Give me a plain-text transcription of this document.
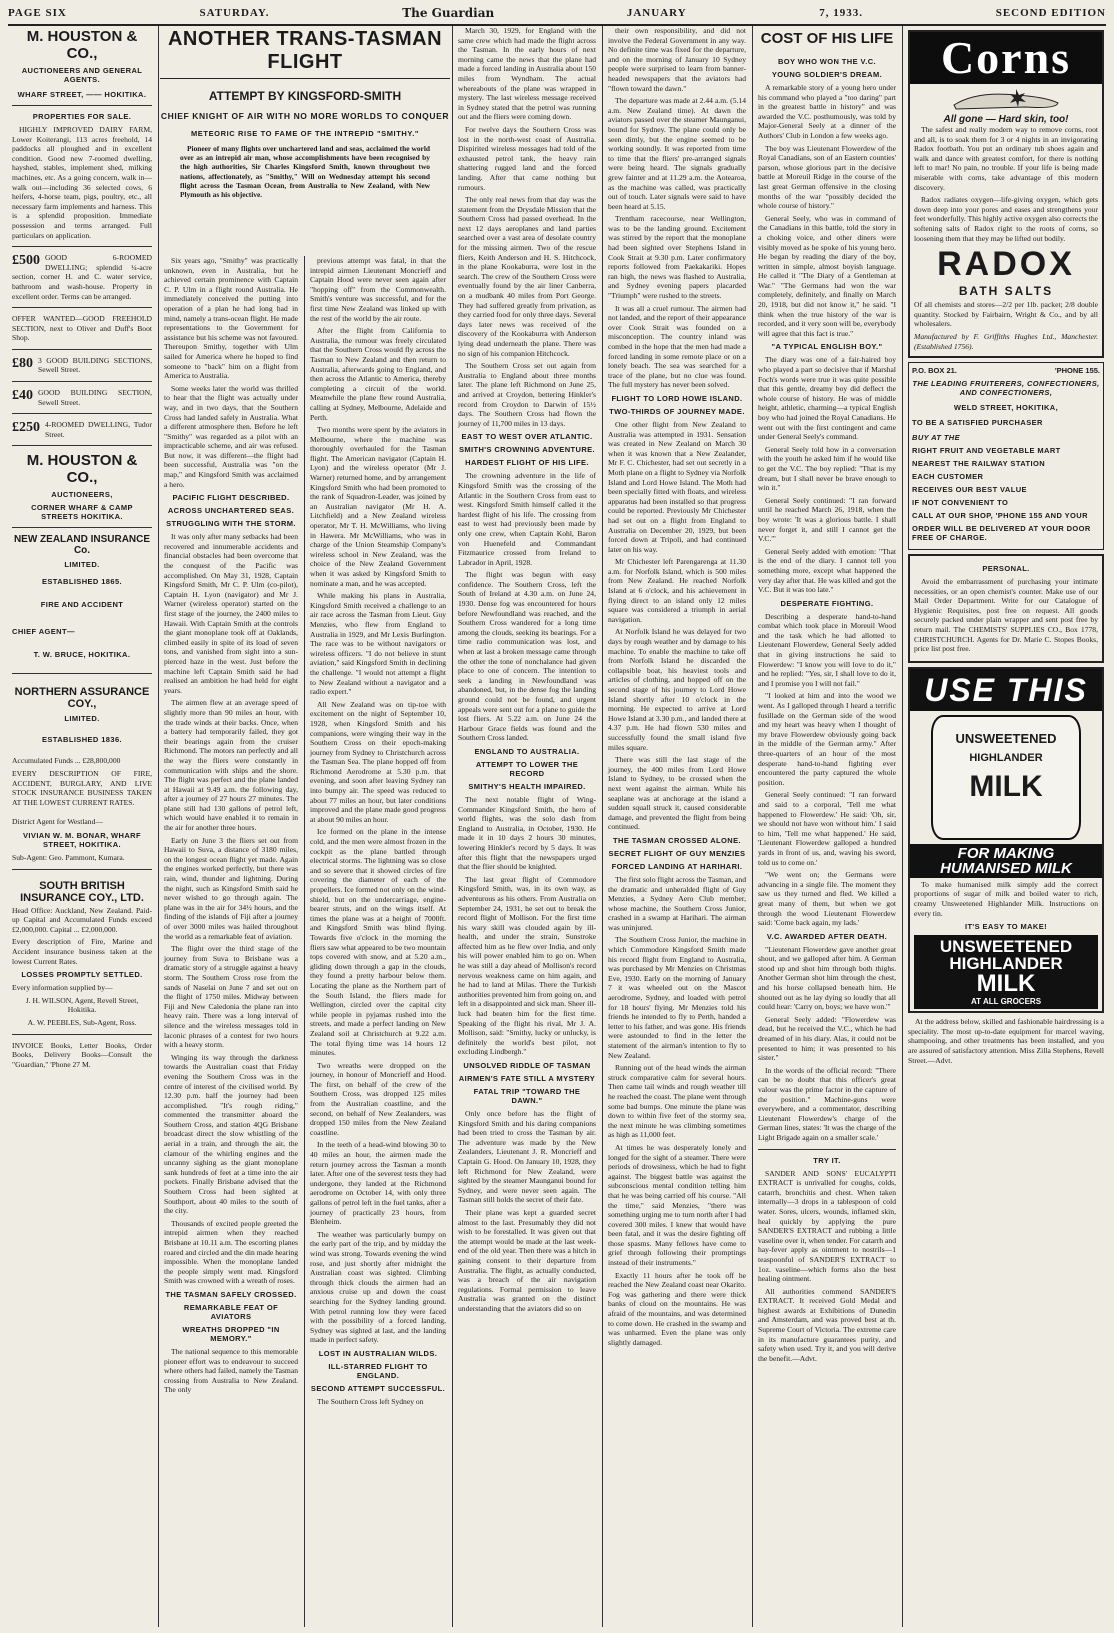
PAGE SIX	SATURDAY.	The Guardian	JANUARY	7, 1933.	SECOND EDITION
M. HOUSTON & CO.,
AUCTIONEERS AND GENERAL AGENTS.
WHARF STREET, —— HOKITIKA.
PROPERTIES FOR SALE.

HIGHLY IMPROVED DAIRY FARM, Lower Koiterangi, 113 acres freehold, 14 paddocks all ploughed and in excellent condition. Good new 7-roomed dwelling, hayshed, stables, implement shed, milking machines, etc. As a going concern, walk in—walk out—including 36 selected cows, 6 heifers, 4-horse team, pigs, poultry, etc., all necessary farm implements and harness. This is a splendid proposition. Immediate possession and terms arranged. Full particulars on application.

£500 GOOD 6-ROOMED DWELLING; splendid ¼-acre section, corner H. and C. water service, bathroom and wash-house. Property in excellent order. Terms can be arranged.

OFFER WANTED—GOOD FREEHOLD SECTION, next to Oliver and Duff's Boot Shop.

£80 3 GOOD BUILDING SECTIONS, Sewell Street.

£40 GOOD BUILDING SECTION, Sewell Street.

£250 4-ROOMED DWELLING, Tudor Street.

M. HOUSTON & CO.,
AUCTIONEERS,
CORNER WHARF & CAMP STREETS HOKITIKA.
NEW ZEALAND INSURANCE Co.
LIMITED.
ESTABLISHED 1865.
FIRE AND ACCIDENT
CHIEF AGENT—
T. W. BRUCE, HOKITIKA.
NORTHERN ASSURANCE COY.,
LIMITED.
ESTABLISHED 1836.

Accumulated Funds ... £28,800,000

EVERY DESCRIPTION OF FIRE, ACCIDENT, BURGLARY, AND LIVE STOCK INSURANCE BUSINESS TAKEN AT THE LOWEST CURRENT RATES.

District Agent for Westland—

VIVIAN W. M. BONAR, WHARF STREET, HOKITIKA.

Sub-Agent: Geo. Pammont, Kumara.

SOUTH BRITISH INSURANCE COY., LTD.

Head Office: Auckland, New Zealand. Paid-up Capital and Accumulated Funds exceed £2,000,000. Capital ... £2,000,000.

Every description of Fire, Marine and Accident insurance business taken at the lowest Current Rates.

LOSSES PROMPTLY SETTLED.

Every information supplied by—

J. H. WILSON, Agent, Revell Street, Hokitika.

A. W. PEEBLES, Sub-Agent, Ross.

INVOICE Books, Letter Books, Order Books, Delivery Books—Consult the "Guardian," 'Phone 27 M.

ANOTHER TRANS-TASMAN FLIGHT
ATTEMPT BY KINGSFORD-SMITH
CHIEF KNIGHT OF AIR WITH NO MORE WORLDS TO CONQUER
METEORIC RISE TO FAME OF THE INTREPID "SMITHY."

Pioneer of many flights over unchartered land and seas, acclaimed the world over as an intrepid air man, whose accomplishments have been recognised by the high authorities, Sir Charles Kingsford Smith, known throughout two nations, affectionately, as "Smithy," Will on Wednesday attempt his second flight across the Tasman Ocean, from Australia to New Zealand, with New Plymouth as his objective.

Six years ago, "Smithy" was practically unknown, even in Australia, but he achieved certain prominence with Captain C. P. Ulm in a flight round Australia. He immediately conceived the putting into operation of a plan he had long had in mind, namely a trans-ocean flight. He made representations to the Government for assistance but his scheme was not favoured. Thereupon Smithy, together with Ulm sailed for America where he hoped to find someone to "back" him on a flight from America to Australia.

Some weeks later the world was thrilled to hear that the flight was actually under way, and in two days, that the Southern Cross had landed safely in Australia. What a different atmosphere then. Before he left "Smithy" was regarded as a pilot with an impracticable scheme, and air was refused. But now, it was different—the flight had been successful, Australia was "on the map," and Kingsford Smith was acclaimed a hero.

PACIFIC FLIGHT DESCRIBED.
ACROSS UNCHARTERED SEAS.
STRUGGLING WITH THE STORM.

It was only after many setbacks had been recovered and innumerable accidents and financial obstacles had been overcome that the conquest of the Pacific was accomplished. On May 31, 1928, Captain Kingsford Smith, Mr C. P. Ulm (co-pilot), Captain H. Lyon (navigator) and Mr J. Warner (wireless operator) started on the first stage of the journey, the 2400 miles to Hawaii. With Captain Smith at the controls the giant monoplane took off at Oaklands, climbed easily in spite of its load of seven tons, and vanished from sight into a sun-pierced haze in the west. Just before the machine left Captain Smith said he had realised an ambition he had held for eight years.

The airmen flew at an average speed of slightly more than 90 miles an hour, with the trade winds at their backs. Once, when a battery had temporarily failed, they got their bearings again from the cruiser Richmond. The motors ran perfectly and all the way the fliers were constantly in communication with ships and the shore. The flight was perfect and the plane landed at Hawaii at 9.49 a.m. the following day, after a journey of 27 hours 27 minutes. The plane still had 130 gallons of petrol left, which would have enabled it to remain in the air for another three hours.

Early on June 3 the fliers set out from Hawaii to Suva, a distance of 3180 miles, on the longest ocean flight yet made. Again the engines worked perfectly, but there was rain, wind, thunder and lightning. During the night, such as Kingsford Smith said he never wished to go through again. The plane was in the air for 34½ hours, and the finding of the islands of Fiji after a journey of over 3000 miles was hailed throughout the world as a remarkable feat of aviation.

The flight over the third stage of the journey from Suva to Brisbane was a dramatic story of a struggle against a heavy storm. The Southern Cross rose from the sands of Naselai on June 7 and set out on the flight of 1750 miles. Midway between Fiji and New Caledonia the plane ran into heavy rain. There was a long interval of silence and the wireless messages told in laconic phrases of a contest for two hours with a heavy storm.

Winging its way through the darkness towards the Australian coast that Friday evening the Southern Cross was in the centre of interest of the civilised world. By 12.30 p.m. half the journey had been accomplished. "It's rough riding," commented the transmitter aboard the Southern Cross, and station 4QG Brisbane broadcast direct the slow whistling of the aerial in a train, and through the air, the clamour of the whirling engines and the uncanny sighing as the giant monoplane sank hundreds of feet at a time into the air pockets. Finally Brisbane advised that the Southern Cross had been sighted at Southport, about 40 miles to the south of the city.

Thousands of excited people greeted the intrepid airmen when they reached Brisbane at 10.11 a.m. The escorting planes roared and circled and the din made hearing impossible. When the monoplane landed the people simply went mad. Kingsford Smith was crowned with a wreath of roses.

THE TASMAN SAFELY CROSSED.
REMARKABLE FEAT OF AVIATORS
WREATHS DROPPED "IN MEMORY."

The national sequence to this memorable pioneer effort was to endeavour to succeed where others had failed, namely the Tasman crossing from Australia to New Zealand. The only

previous attempt was fatal, in that the intrepid airmen Lieutenant Moncrieff and Captain Hood were never seen again after "hopping off" from the Commonwealth. Smith's venture was successful, and for the first time New Zealand was linked up with the rest of the world by the air route.

After the flight from California to Australia, the rumour was freely circulated that the Southern Cross would fly across the Tasman to New Zealand and then return to Australia, afterwards going to England, and then across the Atlantic to America, thereby completing a circuit of the world. Meanwhile the plane flew round Australia, calling at Sydney, Melbourne, Adelaide and Perth.

Two months were spent by the aviators in Melbourne, where the machine was thoroughly overhauled for the Tasman flight. The American navigator (Captain H. Lyon) and the wireless operator (Mr J. Warner) returned home, and by arrangement Kingsford Smith who had been promoted to the rank of Squadron-Leader, was joined by an Australian navigator (Mr H. A. Litchfield) and a New Zealand wireless operator, Mr T. H. McWilliams, who living in Hawera. Mr McWilliams, who was in charge of the Union Steamship Company's wireless school in New Zealand, was the choice of the New Zealand Government when it was asked by Kingsford Smith to nominate a man, and he was accepted.

While making his plans in Australia, Kingsford Smith received a challenge to an air race across the Tasman from Lieut. Guy Menzies, who flew from England to Australia in 1929, and Mr Lexis Burlington. The race was to be without navigators or wireless officers. "I do not believe in stunt aviation," said Kingsford Smith in declining the challenge. "I would not attempt a flight to New Zealand without a navigator and a radio expert."

All New Zealand was on tip-toe with excitement on the night of September 10, 1928, when Kingsford Smith and his companions, were winging their way in the Southern Cross on their epoch-making journey from Sydney to Christchurch across the Tasman Sea. The plane hopped off from Richmond Aerodrome at 5.30 p.m. that evening, and soon after leaving Sydney ran into bumpy air. The speed was reduced to about 77 miles an hour, but later conditions improved and the plane made good progress at about 90 miles an hour.

Ice formed on the plane in the intense cold, and the men were almost frozen in the cockpit as the plane battled through electrical storms. The lightning was so close and so severe that it showed circles of fire covering the diameter of each of the propellers. Ice formed not only on the wind-shield, but on the undercarriage, engine-bearer struts, and on the wings itself. At times the plane was at a height of 7000ft. and Kingsford Smith was blind flying. Towards five o'clock in the morning the fliers saw what appeared to be two mountain tops covered with snow, and at 5.20 a.m., gliding down through a gap in the clouds, they found a pretty harbour below them. Locating the plane as the Northern part of the South Island, the fliers made for Wellington, circled over the capital city while people in pyjamas rushed into the streets, and made a perfect landing on New Zealand soil at Christchurch at 9.22 a.m. The total flying time was 14 hours 12 minutes.

Two wreaths were dropped on the journey, in honour of Moncrieff and Hood. The first, on behalf of the crew of the Southern Cross, was dropped 125 miles from the Australian coastline, and the second, on behalf of New Zealanders, was dropped 150 miles from the New Zealand coastline.

In the teeth of a head-wind blowing 30 to 40 miles an hour, the airmen made the return journey across the Tasman a month later. After one of the severest tests they had undergone, they landed at the Richmond aerodrome on October 14, with only three gallons of petrol left in the fuel tanks, after a journey of practically 23 hours, from Blenheim.

The weather was particularly bumpy on the early part of the trip, and by midday the wind was strong. Towards evening the wind rose, and just shortly after midnight the Australian coast was sighted. Climbing through thick clouds the airmen had an anxious cruise up and down the coast searching for the Sydney landing ground. With petrol running low they were faced with the possibility of a forced landing, Sydney was sighted at last, and the landing made in perfect safety.

LOST IN AUSTRALIAN WILDS.
ILL-STARRED FLIGHT TO ENGLAND.
SECOND ATTEMPT SUCCESSFUL.

The Southern Cross left Sydney on

March 30, 1929, for England with the same crew which had made the flight across the Tasman. In the early hours of next morning came the news that the plane had made a forced landing in Australia about 150 miles from Wyndham. The actual whereabouts of the plane was wrapped in mystery. The last wireless message received in Sydney stated that the petrol was running out and the fliers were coming down.

For twelve days the Southern Cross was lost in the north-west coast of Australia. Dispirited wireless messages had told of the exhausted petrol tank, the heavy rain shattering rugged land and the forced landing. After that came nothing but rumours.

The only real news from that day was the statement from the Drysdale Mission that the Southern Cross had passed overhead. In the next 12 days aeroplanes and land parties searched over a vast area of desolate country for the missing airmen. Two of the rescue fliers, Keith Anderson and H. S. Hitchcock, in the plane Kookaburra, were lost in the search. The crew of the Southern Cross were eventually found by the air liner Canberra, on a mudbank 40 miles from Port George. They had suffered greatly from privation, as they carried food for only three days. Several days later news was received of the discovery of the Kookaburra with Anderson lying dead underneath the plane. There was no sign of his companion Hitchcock.

The Southern Cross set out again from Australia to England about three months later. The plane left Richmond on June 25, and arrived at Croydon, bettering Hinkler's record from Croydon to Darwin of 15½ days. The Southern Cross had flown the journey of 11,700 miles in 13 days.

EAST TO WEST OVER ATLANTIC.
SMITH'S CROWNING ADVENTURE.
HARDEST FLIGHT OF HIS LIFE.

The crowning adventure in the life of Kingsford Smith was the crossing of the Atlantic in the Southern Cross from east to west. Kingsford Smith himself called it the hardest flight of his life. The crossing from east to west had previously been made by only one crew, when Captain Kohl, Baron von Huenefeld and Commandant Fitzmaurice crossed from Ireland to Labrador in April, 1928.

The flight was begun with easy confidence. The Southern Cross, left the South of Ireland at 4.30 a.m. on June 24, 1930. Dense fog was encountered for hours before Newfoundland was reached, and the Southern Cross wandered for a long time among the clouds, seeking its bearings. For a time radio communication was lost, and when at last a broken message came through the other the tone of nonchalance had given place to one of concern. The intention to seek a landing in Newfoundland was abandoned, but, in the dense fog the landing ground could not be found, and urgent appeals were sent out for a plane to guide the lost fliers. At 5.22 a.m. on June 24 the Harbour Grace fields was found and the Southern Cross landed.

ENGLAND TO AUSTRALIA.
ATTEMPT TO LOWER THE RECORD
SMITHY'S HEALTH IMPAIRED.

The next notable flight of Wing-Commander Kingsford Smith, the hero of world flights, was the solo dash from England to Australia, in October, 1930. He made it in 10 days 2 hours 30 minutes, lowering Hinkler's record by 5 days. It was after this flight that the newspapers urged that the flier should be knighted.

The last great flight of Commodore Kingsford Smith, was, in its own way, as adventurous as his others. From Australia on September 24, 1931, he set out to break the record flight of Mollison. For the first time his wary skill was clouded again by ill-health, and under the strain, Sunstroke affected him as he flew over India, and only his will power enabled him to go on. When he was still a day ahead of Mollison's record nervous weakness came on him again, and he had to land at Milas. There the Turkish authorities prevented him from going on, and left in a disappointed and sick man. Sheer ill-luck had beaten him for the first time. Speaking of the flight his rival, Mr J. A. Mollison, said: "Smithy, lucky or unlucky, is definitely the world's best pilot, not excluding Lindbergh."

UNSOLVED RIDDLE OF TASMAN
AIRMEN'S FATE STILL A MYSTERY
FATAL TRIP "TOWARD THE DAWN."

Only once before has the flight of Kingsford Smith and his daring companions had been tried to cross the Tasman by air. The adventure was made by the New Zealanders, Lieutenant J. R. Moncrieff and Captain G. Hood. On January 10, 1928, they left Richmond for New Zealand, were sighted by the steamer Maunganui bound for Sydney, and were never seen again. The Tasman still holds the secret of their fate.

Their plane was kept a guarded secret almost to the last. Presumably they did not wish to be forestalled. It was given out that the attempt would be made at the last week-end of the old year. Then there was a hitch in gaining consent to their departure from Australia. The flight, as actually conducted, was a breach of the air navigation regulations. Formal permission to leave Australia was granted on the distinct understanding that the aviators did so on

their own responsibility, and did not involve the Federal Government in any way. No definite time was fixed for the departure, and on the morning of January 10 Sydney people were surprised to learn from banner-headed newspapers that the aviators had "flown toward the dawn."

The departure was made at 2.44 a.m. (5.14 a.m. New Zealand time). At dawn the aviators passed over the steamer Maunganui, bound for Sydney. The plane could only be seen dimly, but the engine seemed to be working soundly. It was reported from time to time that the fliers' pre-arranged signals were being heard. The signals gradually grew fainter and at 11.29 a.m. the Aotearoa, as the machine was called, was practically out of touch. Later signals were said to have been heard at 5.15.

Trentham racecourse, near Wellington, was to be the landing ground. Excitement was stirred by the report that the monoplane had been sighted over Stephens Island in Cook Strait at 9.30 p.m. Later confirmatory reports followed from Paekakariki. Hopes ran high, the news was flashed to Australia, and Sydney evening papers placarded "Triumph" were rushed to the streets.

It was all a cruel rumour. The airmen had not landed, and the report of their appearance over Cook Strait was founded on a misconception. The country inland was combed in the hope that the men had made a forced landing in some remote place or on a lonely beach. The sea was searched for a trace of the plane, but no clue was found. The full mystery has never been solved.

FLIGHT TO LORD HOWE ISLAND.
TWO-THIRDS OF JOURNEY MADE.

One other flight from New Zealand to Australia was attempted in 1931. Sensation was created in New Zealand on March 30 when it was known that a New Zealander, Mr F. C. Chichester, had set out secretly in a Moth plane on a flight to Sydney via Norfolk Island and Lord Howe Island. The Moth had been specially fitted with floats, and wireless apparatus had been installed so that progress could be reported. Previously Mr Chichester had set out on a flight from England to Australia on December 20, 1929, but been forced down at Tripoli, and had continued later on his way.

Mr Chichester left Parengarenga at 11.30 a.m. for Norfolk Island, which is 500 miles from New Zealand. He reached Norfolk Island at 6 o'clock, and his achievement in flying direct to an island only 12 miles square was considered a triumph in aerial navigation.

At Norfolk Island he was delayed for two days by rough weather and by damage to his machine. To enable the machine to take off from Norfolk Island he discarded the collapsible boat, his heaviest tools and articles of clothing, and hopped off on the second stage of his journey to Lord Howe Island shortly after 10 o'clock in the morning. He expected to arrive at Lord Howe Island at 3.30 p.m., and landed there at 4.37 p.m. He had flown 530 miles and successfully found the small island five miles square.

There was still the last stage of the journey, the 400 miles from Lord Howe Island to Sydney, to be crossed when the next went against the airman. While his seaplane was at anchorage at the island a sudden squall struck it, caused considerable damage, and prevented the flight from being continued.

THE TASMAN CROSSED ALONE.
SECRET FLIGHT OF GUY MENZIES
FORCED LANDING AT HARIHARI.

The first solo flight across the Tasman, and the dramatic and unheralded flight of Guy Menzies, a Sydney Aero Club member, whose machine, the Southern Cross Junior, crashed in a swamp at Harihari. The airman was uninjured.

The Southern Cross Junior, the machine in which Commodore Kingsford Smith made his record flight from England to Australia, was purchased by Mr Menzies on Christmas Eve, 1930. Early on the morning of January 7 it was wheeled out on the Mascot aerodrome, Sydney, and loaded with petrol for 18 hours' flying. Mr Menzies told his friends he intended to fly to Perth, handed a letter to his father, and was gone. His friends were astounded to find in the letter the statement of the airman's intention to fly to New Zealand.

Running out of the head winds the airman struck comparative calm for several hours. Then came tail winds and rough weather till he reached the coast. The plane went through some bad bumps. One minute the plane was down to within five feet of the stormy sea, the next minute he was climbing sometimes as high as 11,000 feet.

At times he was desperately lonely and longed for the sight of a steamer. There were periods of drowsiness, which he had to fight against. The biggest battle was against the subconscious mental condition telling him that he was being carried off his course. "All the time," said Menzies, "there was something urging me to turn north after I had covered 300 miles. I knew that would have been fatal, and it was the desire fighting off those spasms. Many fellows have come to grief through following their promptings instead of their instruments."

Exactly 11 hours after he took off he reached the New Zealand coast near Okarito. Fog was gathering and there were thick banks of cloud on the mountains. He was afraid of the mountains, and was determined to come down. He crashed in the swamp and was unharmed. Even the plane was only slightly damaged.

COST OF HIS LIFE
BOY WHO WON THE V.C.
YOUNG SOLDIER'S DREAM.

A remarkable story of a young hero under his command who played a "too daring" part in the greatest battle in history" and was awarded the V.C. posthumously, was told by Major-General Seely at a dinner of the Authors' Club in London a few weeks ago.

The boy was Lieutenant Flowerdew of the Royal Canadians, son of an Eastern counties' parson, whose glorious part in the decisive battle at Moreuil Ridge in the course of the last great German offensive in the closing months of the war "possibly decided the whole course of history."

General Seely, who was in command of the Canadians in this battle, told the story in a choking voice, and other diners were visibly moved as he spoke of his young hero. He began by reading the diary of the boy, written in simple, almost boyish language. He called it "The Diary of a Gentleman at War." "The Germans had won the war completely, definitely, and finally on March 20, 1918, but did not know it," he said. "I think when the true history of the war is recorded, and it very soon will be, everybody will agree that this fact is true."

"A TYPICAL ENGLISH BOY."

The diary was one of a fair-haired boy who played a part so decisive that if Marshal Foch's words were true it was quite possible that this gentle, dreamy boy did deflect the whole course of history. He was of middle height, athletic, charming—a typical English boy who had joined the Royal Canadians. He went out with the first contingent and came under General Seely's command.

General Seely told how in a conversation with the youth he asked him if he would like to get the V.C. The boy replied: "That is my dream, but I shall never be brave enough to win it."

General Seely continued: "I ran forward until he reached March 26, 1918, when the boy wrote: 'It was a glorious battle. I shall never forget it, and still I cannot get the V.C.'"

General Seely added with emotion: "That is the end of the diary. I cannot tell you something more, except what happened the very day after that. He was killed and got the V.C. But it was too late."

DESPERATE FIGHTING.

Describing a desperate hand-to-hand combat which took place in Moreuil Wood and the task which he had allotted to Lieutenant Flowerdew, General Seely added that in giving instructions he said to Flowerdew: "I know you will love to do it," and he replied: "Yes, sir, I shall love to do it, and I promise you I will not fail."

"I looked at him and into the wood we went. As I galloped through I heard a terrific fusillade on the German side of the wood and my heart was heavy when I thought of my brave Flowerdew obviously going back in the middle of the German army." After three-quarters of an hour of the most desperate hand-to-hand fighting ever encountered the party captured the whole position.

General Seely continued: "I ran forward and said to a corporal, 'Tell me what happened to Flowerdew.' He said: 'Oh, sir, we should not have won without him.' I said to him, 'Tell me what happened.' He said, 'Lieutenant Flowerdew galloped a hundred yards in front of us, and, waving his sword, told us to come on.'

"We went on; the Germans were advancing in a single file. The moment they saw us they turned and fled. We killed a great many of them, but when we got through the wood Lieutenant Flowerdew said: 'Come back again, my lads.'

V.C. AWARDED AFTER DEATH.

"Lieutenant Flowerdew gave another great shout, and we galloped after him. A German stood up and shot him through both thighs. Another German shot him through the chest, and his horse collapsed beneath him. He shouted out as he lay dying so loudly that all could hear: 'Carry on, boys; we have won.'"

General Seely added: "Flowerdew was dead, but he received the V.C., which he had dreamed of in his diary. Alas, it could not be presented to him; it was presented to his sister."

In the words of the official record: "There can be no doubt that this officer's great valour was the prime factor in the capture of the position." Machine-guns were everywhere, and a commentator, describing Lieutenant Flowerdew's charge of the German lines, states: 'It was the charge of the Light Brigade again on a smaller scale.'

TRY IT.

SANDER AND SONS' EUCALYPTI EXTRACT is unrivalled for coughs, colds, catarrh, bronchitis and chest. When taken internally—3 drops in a tablespoon of cold water. Sores, ulcers, wounds, inflamed skin, heal quickly by applying the pure SANDER'S EXTRACT and rubbing a little vaseline over it, when tender. For catarrh and hay-fever apply as ointment to nostrils—1 teaspoonful of SANDER'S EXTRACT to 1oz. vaseline—which forms also the best healing ointment.

All authorities commend SANDER'S EXTRACT. It received Gold Medal and highest awards at Exhibitions of Dunedin and Amsterdam, and was proved best at th. Supreme Court of Victoria. The extreme care in its manufacture guarantees purity, and safety when used. Try it, and you will derive the benefit.—Advt.

Corns
All gone — Hard skin, too!

The safest and really modern way to remove corns, root and all, is to soak them for 3 or 4 nights in an invigorating Radox footbath. You put an ordinary tub shoes again and walk and dance with greatest comfort, for there is nothing left to mar! No pain, no trouble. If your life is being made miserable with corns, take advantage of this modern discovery.

Radox radiates oxygen—life-giving oxygen, which gets down deep into your pores and eases and strengthens your feet wonderfully. This highly active oxygen also corrects the softening salts of Radox right to the roots of corns, so loosening them that they may be lifted out bodily.

RADOX
BATH SALTS

Of all chemists and stores—2/2 per 1lb. packet; 2/8 double quantity. Stocked by Fairbairn, Wright & Co., and by all wholesalers.

Manufactured by F. Griffiths Hughes Ltd., Manchester. (Established 1756).

P.O. BOX 21.	'PHONE 155.
THE LEADING FRUITERERS, CONFECTIONERS, AND CONFECTIONERS,
WELD STREET, HOKITIKA,
TO BE A SATISFIED PURCHASER
BUY AT THE
RIGHT FRUIT AND VEGETABLE MART
NEAREST THE RAILWAY STATION
EACH CUSTOMER
RECEIVES OUR BEST VALUE
IF NOT CONVENIENT TO
CALL AT OUR SHOP, 'PHONE 155 AND YOUR
ORDER WILL BE DELIVERED AT YOUR DOOR FREE OF CHARGE.
PERSONAL.

Avoid the embarrassment of purchasing your intimate necessities, or an open chemist's counter. Make use of our Mail Order Department. Write for our Catalogue of Hygienic Requisites, post free on request. All goods securely packed under plain wrapper and sent post free by return mail. The CHEMISTS' SUPPLIES CO., Box 1778, CHRISTCHURCH. Agents for Dr. Marie C. Stopes Books, price list post free.

USE THIS
UNSWEETENED
HIGHLANDER
MILK
FOR MAKING
HUMANISED MILK

To make humanised milk simply add the correct proportions of sugar of milk and boiled water to rich, creamy Unsweetened Highlander Milk. Instructions on every tin.

IT'S EASY TO MAKE!
UNSWEETENED
HIGHLANDER
MILK
AT ALL GROCERS

At the address below, skilled and fashionable hairdressing is a speciality. The most up-to-date equipment for marcel waving, shampooing, and other treatments has been installed, and you are assured of satisfactory attention. Miss Zilla Stephens, Revell Street.—Advt.
